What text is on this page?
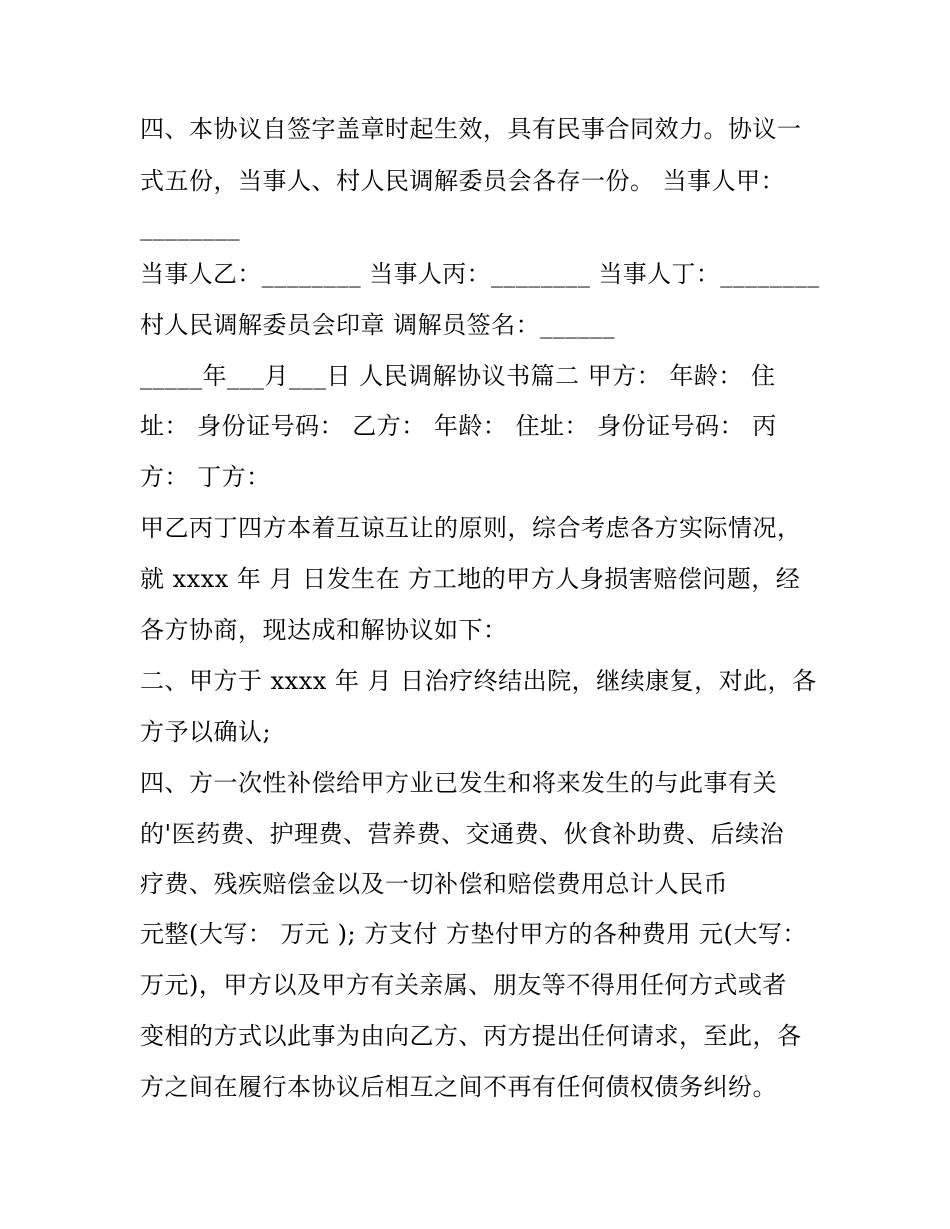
四、本协议自签字盖章时起生效，具有民事合同效力。协议一

式五份，当事人、村人民调解委员会各存一份。 当事人甲：

________

当事人乙：________ 当事人丙：________ 当事人丁：________

村人民调解委员会印章 调解员签名：______

_____年___月___日 人民调解协议书篇二 甲方： 年龄： 住

址： 身份证号码： 乙方： 年龄： 住址： 身份证号码： 丙

方： 丁方：

甲乙丙丁四方本着互谅互让的原则，综合考虑各方实际情况，

就 xxxx 年 月 日发生在 方工地的甲方人身损害赔偿问题，经

各方协商，现达成和解协议如下：

二、甲方于 xxxx 年 月 日治疗终结出院，继续康复，对此，各

方予以确认;

四、方一次性补偿给甲方业已发生和将来发生的与此事有关

的'医药费、护理费、营养费、交通费、伙食补助费、后续治

疗费、残疾赔偿金以及一切补偿和赔偿费用总计人民币

元整(大写： 万元 ); 方支付 方垫付甲方的各种费用 元(大写：

万元)，甲方以及甲方有关亲属、朋友等不得用任何方式或者

变相的方式以此事为由向乙方、丙方提出任何请求，至此，各

方之间在履行本协议后相互之间不再有任何债权债务纠纷。
